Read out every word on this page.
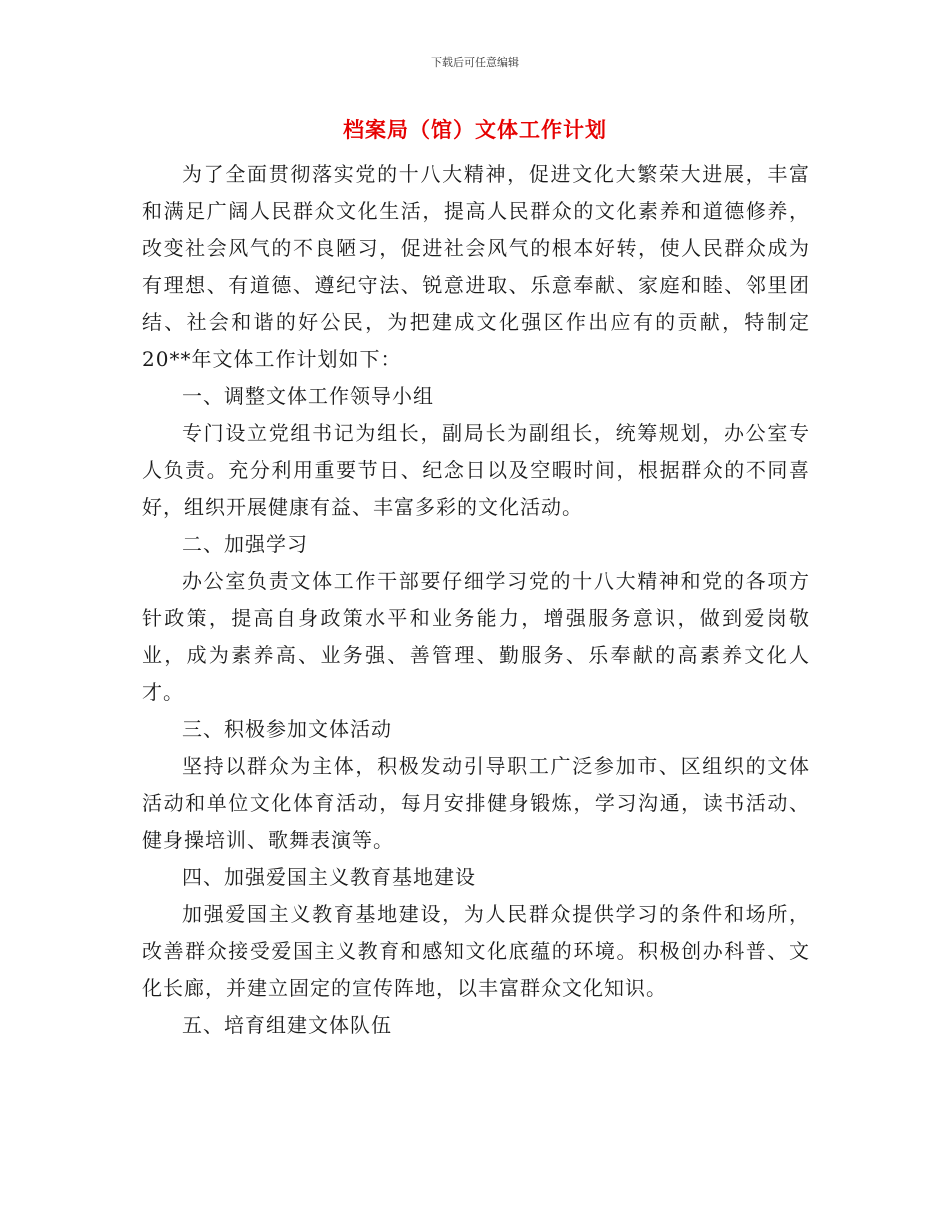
下载后可任意编辑
档案局（馆）文体工作计划

为了全面贯彻落实党的十八大精神，促进文化大繁荣大进展，丰富和满足广阔人民群众文化生活，提高人民群众的文化素养和道德修养，改变社会风气的不良陋习，促进社会风气的根本好转，使人民群众成为有理想、有道德、遵纪守法、锐意进取、乐意奉献、家庭和睦、邻里团结、社会和谐的好公民，为把建成文化强区作出应有的贡献，特制定20**年文体工作计划如下：

一、调整文体工作领导小组

专门设立党组书记为组长，副局长为副组长，统筹规划，办公室专人负责。充分利用重要节日、纪念日以及空暇时间，根据群众的不同喜好，组织开展健康有益、丰富多彩的文化活动。

二、加强学习

办公室负责文体工作干部要仔细学习党的十八大精神和党的各项方针政策，提高自身政策水平和业务能力，增强服务意识，做到爱岗敬业，成为素养高、业务强、善管理、勤服务、乐奉献的高素养文化人才。

三、积极参加文体活动

坚持以群众为主体，积极发动引导职工广泛参加市、区组织的文体活动和单位文化体育活动，每月安排健身锻炼，学习沟通，读书活动、健身操培训、歌舞表演等。

四、加强爱国主义教育基地建设

加强爱国主义教育基地建设，为人民群众提供学习的条件和场所，改善群众接受爱国主义教育和感知文化底蕴的环境。积极创办科普、文化长廊，并建立固定的宣传阵地，以丰富群众文化知识。

五、培育组建文体队伍
